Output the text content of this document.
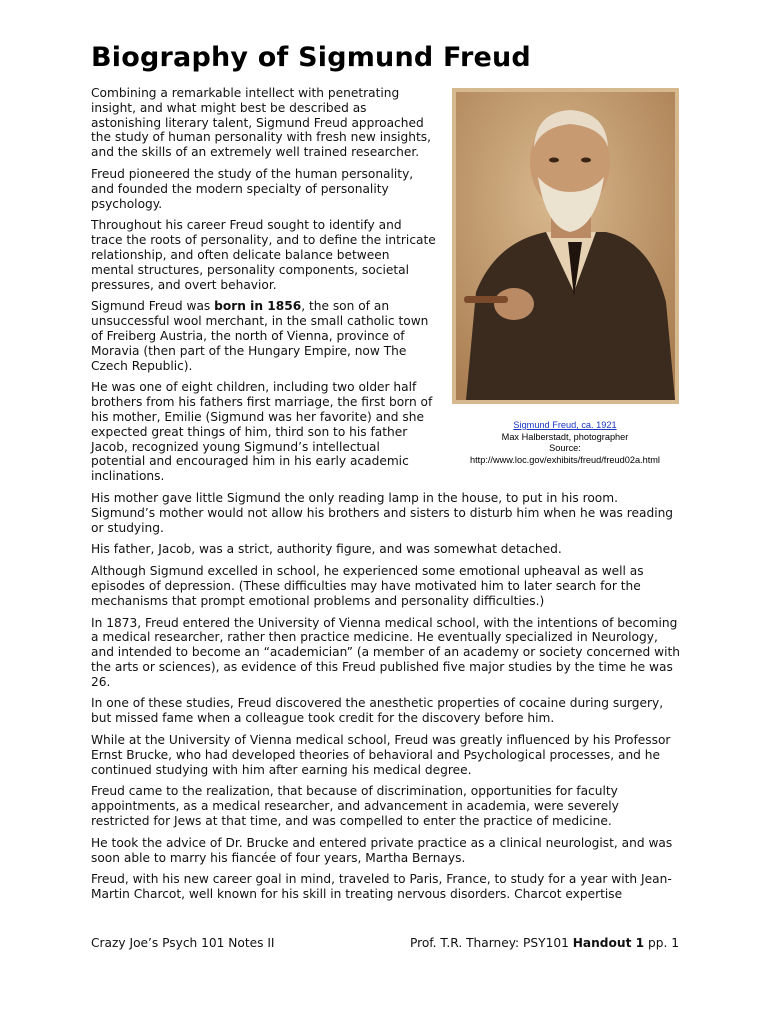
Biography of Sigmund Freud

Combining a remarkable intellect with penetrating insight, and what might best be described as astonishing literary talent, Sigmund Freud approached the study of human personality with fresh new insights, and the skills of an extremely well trained researcher.

Freud pioneered the study of the human personality, and founded the modern specialty of personality psychology.

Throughout his career Freud sought to identify and trace the roots of personality, and to define the intricate relationship, and often delicate balance between mental structures, personality components, societal pressures, and overt behavior.

Sigmund Freud was born in 1856, the son of an unsuccessful wool merchant, in the small catholic town of Freiberg Austria, the north of Vienna, province of Moravia (then part of the Hungary Empire, now The Czech Republic).

He was one of eight children, including two older half brothers from his fathers first marriage, the first born of his mother, Emilie (Sigmund was her favorite) and she expected great things of him, third son to his father Jacob, recognized young Sigmund’s intellectual potential and encouraged him in his early academic inclinations.

His mother gave little Sigmund the only reading lamp in the house, to put in his room. Sigmund’s mother would not allow his brothers and sisters to disturb him when he was reading or studying.

His father, Jacob, was a strict, authority figure, and was somewhat detached.

Although Sigmund excelled in school, he experienced some emotional upheaval as well as episodes of depression. (These difficulties may have motivated him to later search for the mechanisms that prompt emotional problems and personality difficulties.)

In 1873, Freud entered the University of Vienna medical school, with the intentions of becoming a medical researcher, rather then practice medicine. He eventually specialized in Neurology, and intended to become an “academician” (a member of an academy or society concerned with the arts or sciences), as evidence of this Freud published five major studies by the time he was 26.

In one of these studies, Freud discovered the anesthetic properties of cocaine during surgery, but missed fame when a colleague took credit for the discovery before him.

While at the University of Vienna medical school, Freud was greatly influenced by his Professor Ernst Brucke, who had developed theories of behavioral and Psychological processes, and he continued studying with him after earning his medical degree.

Freud came to the realization, that because of discrimination, opportunities for faculty appointments, as a medical researcher, and advancement in academia, were severely restricted for Jews at that time, and was compelled to enter the practice of medicine.

He took the advice of Dr. Brucke and entered private practice as a clinical neurologist, and was soon able to marry his fiancée of four years, Martha Bernays.

Freud, with his new career goal in mind, traveled to Paris, France, to study for a year with Jean-Martin Charcot, well known for his skill in treating nervous disorders. Charcot expertise

Sigmund Freud, ca. 1921
Max Halberstadt, photographer
Source:
http://www.loc.gov/exhibits/freud/freud02a.html
Crazy Joe’s Psych 101 Notes II	Prof. T.R. Tharney: PSY101 Handout 1 pp. 1
